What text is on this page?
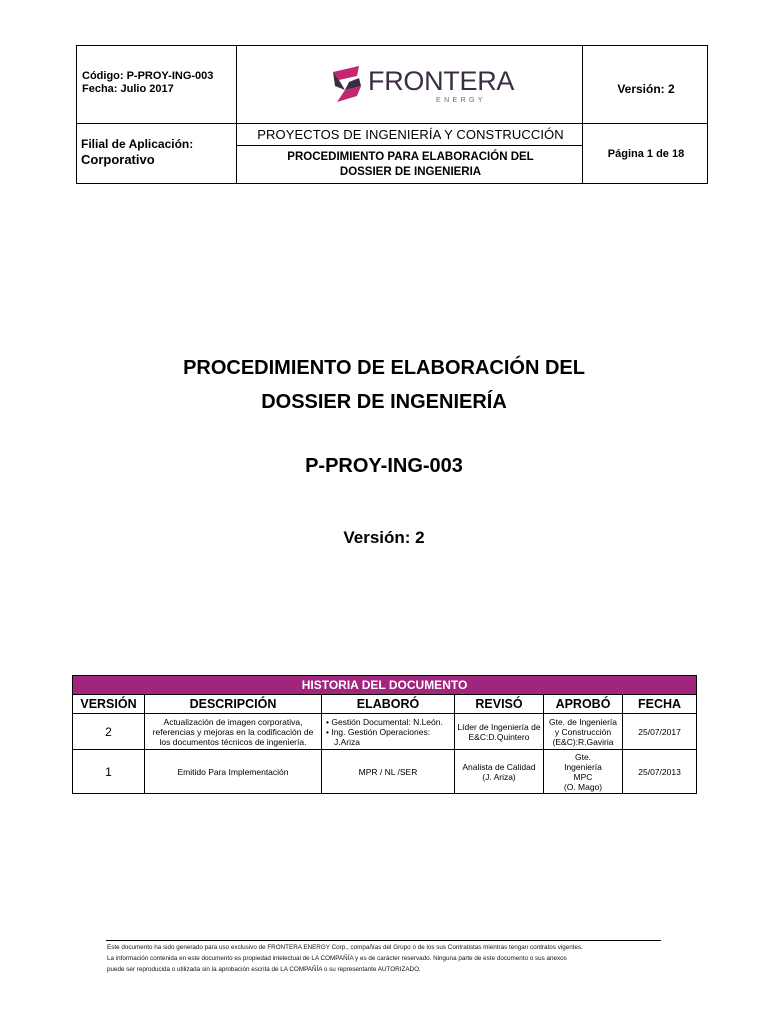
Código: P-PROY-ING-003
Fecha: Julio 2017	FRONTERA
ENERGY
Versión: 2
Filial de Aplicación:
Corporativo
PROYECTOS DE INGENIERÍA Y CONSTRUCCIÓN
PROCEDIMIENTO PARA ELABORACIÓN DEL
DOSSIER DE INGENIERIA
Página 1 de 18
PROCEDIMIENTO DE ELABORACIÓN DEL
DOSSIER DE INGENIERÍA
P-PROY-ING-003
Versión: 2
HISTORIA DEL DOCUMENTO					
VERSIÓN	DESCRIPCIÓN	ELABORÓ	REVISÓ	APROBÓ	FECHA
2	Actualización de imagen corporativa, referencias y mejoras en la codificación de los documentos técnicos de ingeniería.	• Gestión Documental: N.León.
• Ing. Gestión Operaciones:
J.Ariza	Líder de Ingeniería de E&C:D.Quintero	Gte. de Ingeniería y Construcción (E&C):R.Gaviria	25/07/2017
1	Emitido Para Implementación	MPR / NL /SER	Analista de Calidad (J. Ariza)	Gte.
Ingeniería
MPC
(O. Mago)	25/07/2013
Este documento ha sido generado para uso exclusivo de FRONTERA ENERGY Corp., compañías del Grupo o de los sus Contratistas mientras tengan contratos vigentes.
La información contenida en este documento es propiedad intelectual de LA COMPAÑÍA y es de carácter reservado. Ninguna parte de este documento o sus anexos
puede ser reproducida o utilizada sin la aprobación escrita de LA COMPAÑÍA o su representante AUTORIZADO.
